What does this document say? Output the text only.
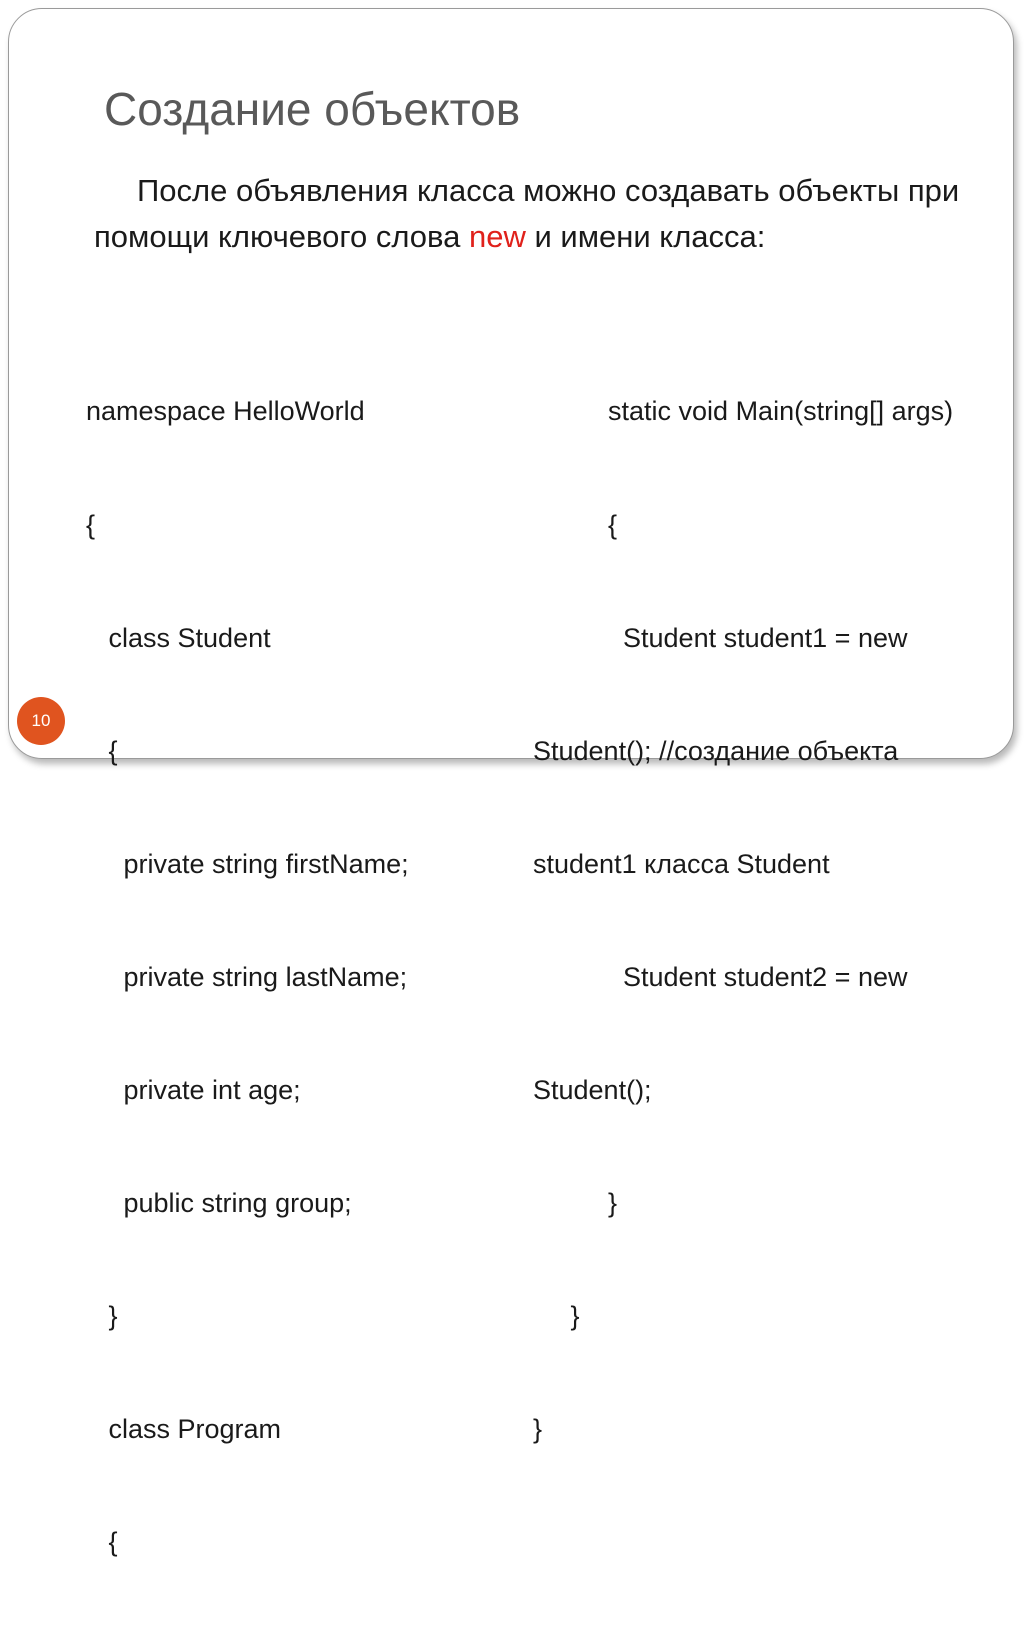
Создание объектов

После объявления класса можно создавать объекты при помощи ключевого слова new и имени класса:

namespace HelloWorld

{

class Student

{

private string firstName;

private string lastName;

private int age;

public string group;

}

class Program

{

static void Main(string[] args)

{

Student student1 = new

Student(); //создание объекта

student1 класса Student

Student student2 = new

Student();

}

}

}

10
